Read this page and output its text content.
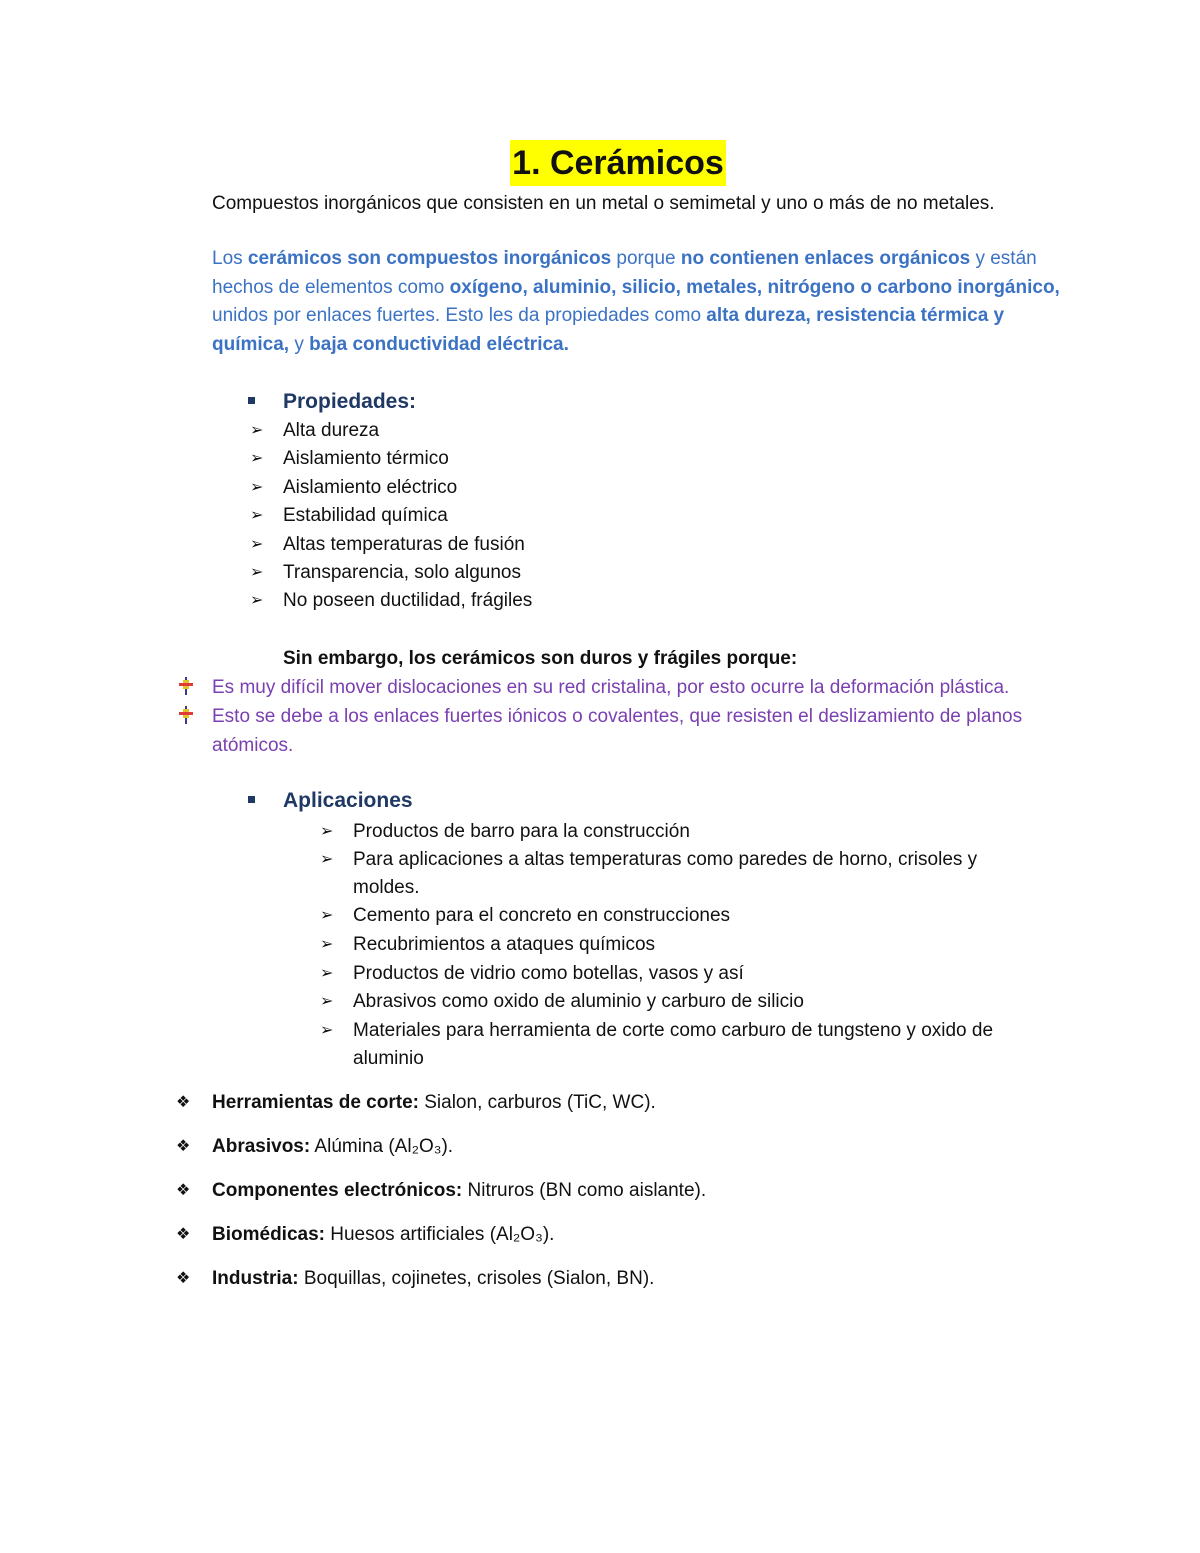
1. Cerámicos
Compuestos inorgánicos que consisten en un metal o semimetal y uno o más de no metales.
Los cerámicos son compuestos inorgánicos porque no contienen enlaces orgánicos y están hechos de elementos como oxígeno, aluminio, silicio, metales, nitrógeno o carbono inorgánico, unidos por enlaces fuertes. Esto les da propiedades como alta dureza, resistencia térmica y química, y baja conductividad eléctrica.
Propiedades:
➢ Alta dureza
➢ Aislamiento térmico
➢ Aislamiento eléctrico
➢ Estabilidad química
➢ Altas temperaturas de fusión
➢ Transparencia, solo algunos
➢ No poseen ductilidad, frágiles
Sin embargo, los cerámicos son duros y frágiles porque:
Es muy difícil mover dislocaciones en su red cristalina, por esto ocurre la deformación plástica.
Esto se debe a los enlaces fuertes iónicos o covalentes, que resisten el deslizamiento de planos atómicos.
Aplicaciones
➢ Productos de barro para la construcción
➢ Para aplicaciones a altas temperaturas como paredes de horno, crisoles y moldes.
➢ Cemento para el concreto en construcciones
➢ Recubrimientos a ataques químicos
➢ Productos de vidrio como botellas, vasos y así
➢ Abrasivos como oxido de aluminio y carburo de silicio
➢ Materiales para herramienta de corte como carburo de tungsteno y oxido de aluminio
❖ Herramientas de corte: Sialon, carburos (TiC, WC).
❖ Abrasivos: Alúmina (Al₂O₃).
❖ Componentes electrónicos: Nitruros (BN como aislante).
❖ Biomédicas: Huesos artificiales (Al₂O₃).
❖ Industria: Boquillas, cojinetes, crisoles (Sialon, BN).
